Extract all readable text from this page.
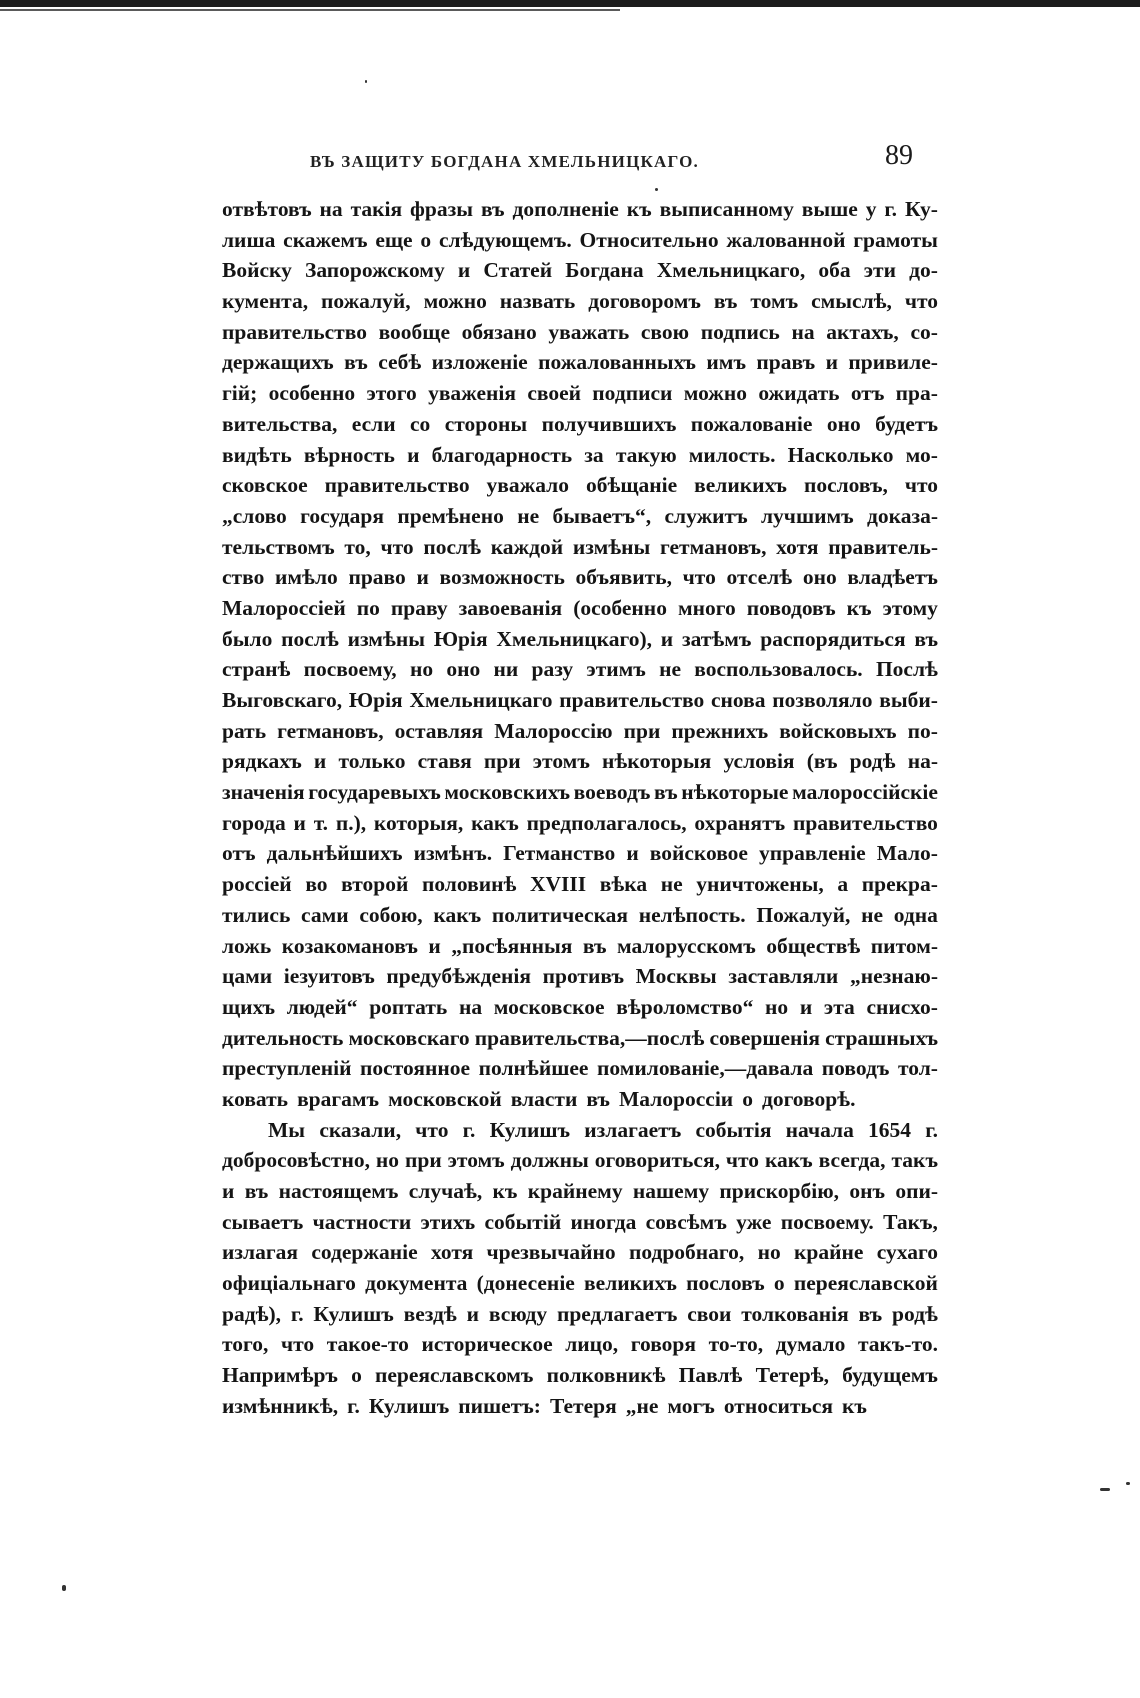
ВЪ ЗАЩИТУ БОГДАНА ХМЕЛЬНИЦКАГО.	89
отвѣтовъ на такія фразы въ дополненіе къ выписанному выше у г. Ку-
лиша скажемъ еще о слѣдующемъ. Относительно жалованной грамоты
Войску Запорожскому и Статей Богдана Хмельницкаго, оба эти до-
кумента, пожалуй, можно назвать договоромъ въ томъ смыслѣ, что
правительство вообще обязано уважать свою подпись на актахъ, со-
держащихъ въ себѣ изложеніе пожалованныхъ имъ правъ и привиле-
гій; особенно этого уваженія своей подписи можно ожидать отъ пра-
вительства, если со стороны получившихъ пожалованіе оно будетъ
видѣть вѣрность и благодарность за такую милость. Насколько мо-
сковское правительство уважало обѣщаніе великихъ пословъ, что
„слово государя премѣнено не бываетъ“, служитъ лучшимъ доказа-
тельствомъ то, что послѣ каждой измѣны гетмановъ, хотя правитель-
ство имѣло право и возможность объявить, что отселѣ оно владѣетъ
Малороссіей по праву завоеванія (особенно много поводовъ къ этому
было послѣ измѣны Юрія Хмельницкаго), и затѣмъ распорядиться въ
странѣ посвоему, но оно ни разу этимъ не воспользовалось. Послѣ
Выговскаго, Юрія Хмельницкаго правительство снова позволяло выби-
рать гетмановъ, оставляя Малороссію при прежнихъ войсковыхъ по-
рядкахъ и только ставя при этомъ нѣкоторыя условія (въ родѣ на-
значенія государевыхъ московскихъ воеводъ въ нѣкоторые малороссійскіе
города и т. п.), которыя, какъ предполагалось, охранятъ правительство
отъ дальнѣйшихъ измѣнъ. Гетманство и войсковое управленіе Мало-
россіей во второй половинѣ XVIII вѣка не уничтожены, а прекра-
тились сами собою, какъ политическая нелѣпость. Пожалуй, не одна
ложь козакомановъ и „посѣянныя въ малорусскомъ обществѣ питом-
цами іезуитовъ предубѣжденія противъ Москвы заставляли „незнаю-
щихъ людей“ роптать на московское вѣроломство“ но и эта снисхо-
дительность московскаго правительства,—послѣ совершенія страшныхъ
преступленій постоянное полнѣйшее помилованіе,—давала поводъ тол-
ковать врагамъ московской власти въ Малороссіи о договорѣ.
Мы сказали, что г. Кулишъ излагаетъ событія начала 1654 г.
добросовѣстно, но при этомъ должны оговориться, что какъ всегда, такъ
и въ настоящемъ случаѣ, къ крайнему нашему прискорбію, онъ опи-
сываетъ частности этихъ событій иногда совсѣмъ уже посвоему. Такъ,
излагая содержаніе хотя чрезвычайно подробнаго, но крайне сухаго
офиціальнаго документа (донесеніе великихъ пословъ о переяславской
радѣ), г. Кулишъ вездѣ и всюду предлагаетъ свои толкованія въ родѣ
того, что такое-то историческое лицо, говоря то-то, думало такъ-то.
Напримѣръ о переяславскомъ полковникѣ Павлѣ Тетерѣ, будущемъ
измѣнникѣ, г. Кулишъ пишетъ: Тетеря „не могъ относиться къ
